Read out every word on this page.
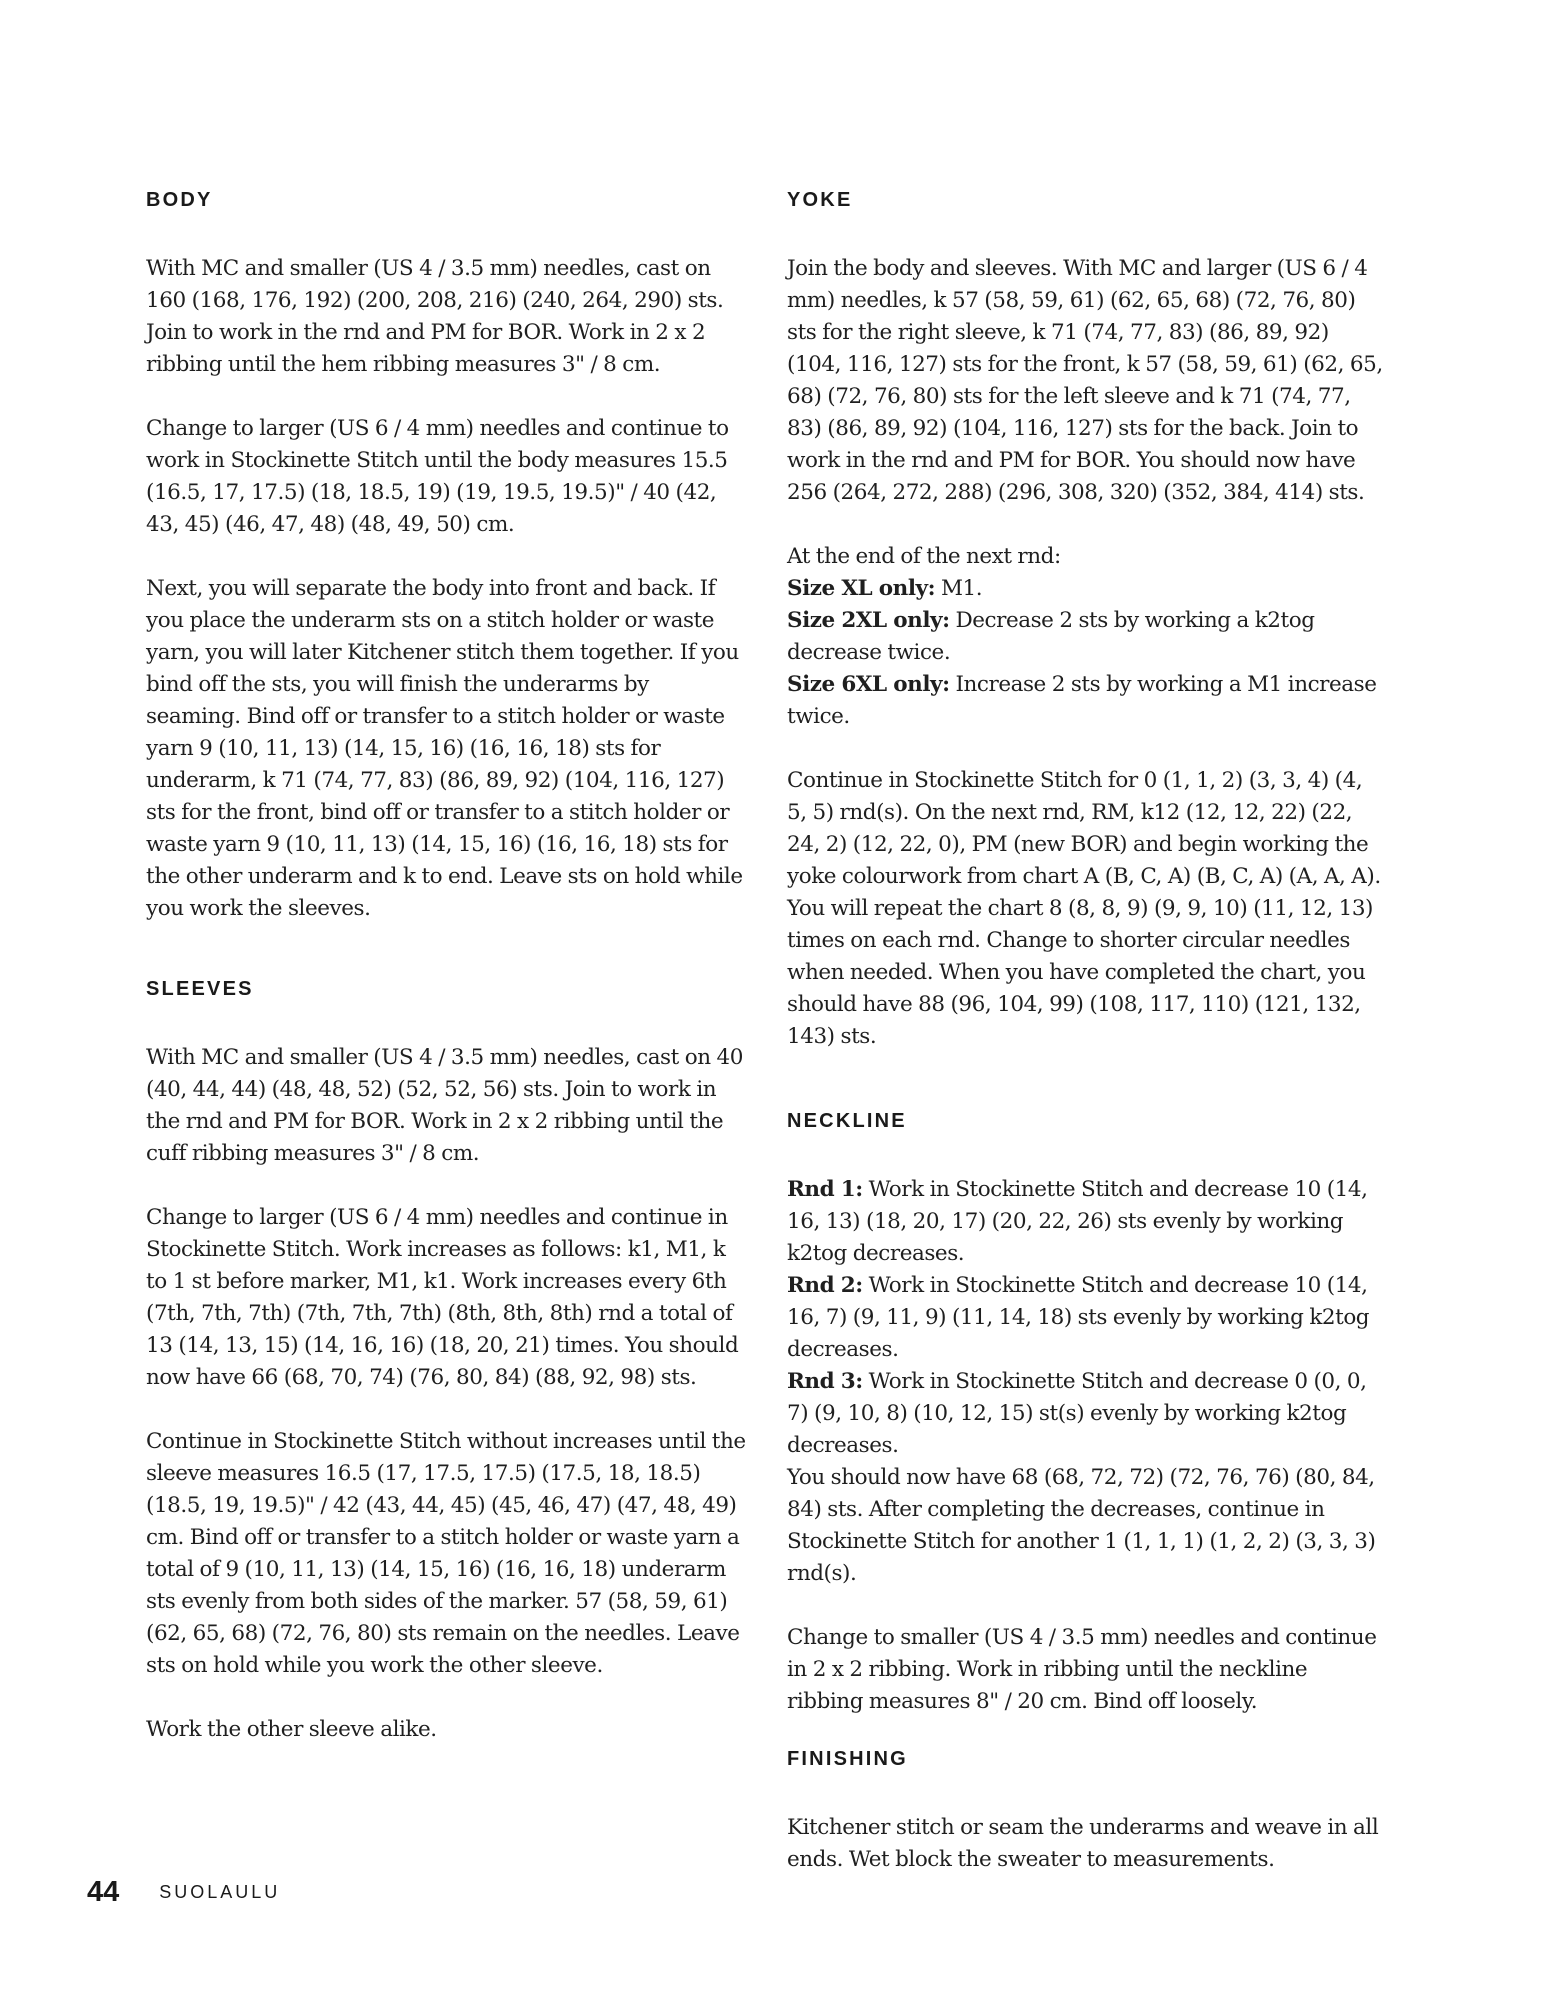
BODY

With MC and smaller (US 4 / 3.5 mm) needles, cast on 160 (168, 176, 192) (200, 208, 216) (240, 264, 290) sts. Join to work in the rnd and PM for BOR. Work in 2 x 2 ribbing until the hem ribbing measures 3" / 8 cm.

Change to larger (US 6 / 4 mm) needles and continue to work in Stockinette Stitch until the body measures 15.5 (16.5, 17, 17.5) (18, 18.5, 19) (19, 19.5, 19.5)" / 40 (42, 43, 45) (46, 47, 48) (48, 49, 50) cm.

Next, you will separate the body into front and back. If you place the underarm sts on a stitch holder or waste yarn, you will later Kitchener stitch them together. If you bind off the sts, you will finish the underarms by seaming. Bind off or transfer to a stitch holder or waste yarn 9 (10, 11, 13) (14, 15, 16) (16, 16, 18) sts for underarm, k 71 (74, 77, 83) (86, 89, 92) (104, 116, 127) sts for the front, bind off or transfer to a stitch holder or waste yarn 9 (10, 11, 13) (14, 15, 16) (16, 16, 18) sts for the other underarm and k to end. Leave sts on hold while you work the sleeves.

SLEEVES

With MC and smaller (US 4 / 3.5 mm) needles, cast on 40 (40, 44, 44) (48, 48, 52) (52, 52, 56) sts. Join to work in the rnd and PM for BOR. Work in 2 x 2 ribbing until the cuff ribbing measures 3" / 8 cm.

Change to larger (US 6 / 4 mm) needles and continue in Stockinette Stitch. Work increases as follows: k1, M1, k to 1 st before marker, M1, k1. Work increases every 6th (7th, 7th, 7th) (7th, 7th, 7th) (8th, 8th, 8th) rnd a total of 13 (14, 13, 15) (14, 16, 16) (18, 20, 21) times. You should now have 66 (68, 70, 74) (76, 80, 84) (88, 92, 98) sts.

Continue in Stockinette Stitch without increases until the sleeve measures 16.5 (17, 17.5, 17.5) (17.5, 18, 18.5) (18.5, 19, 19.5)" / 42 (43, 44, 45) (45, 46, 47) (47, 48, 49) cm. Bind off or transfer to a stitch holder or waste yarn a total of 9 (10, 11, 13) (14, 15, 16) (16, 16, 18) underarm sts evenly from both sides of the marker. 57 (58, 59, 61) (62, 65, 68) (72, 76, 80) sts remain on the needles. Leave sts on hold while you work the other sleeve.

Work the other sleeve alike.

YOKE

Join the body and sleeves. With MC and larger (US 6 / 4 mm) needles, k 57 (58, 59, 61) (62, 65, 68) (72, 76, 80) sts for the right sleeve, k 71 (74, 77, 83) (86, 89, 92) (104, 116, 127) sts for the front, k 57 (58, 59, 61) (62, 65, 68) (72, 76, 80) sts for the left sleeve and k 71 (74, 77, 83) (86, 89, 92) (104, 116, 127) sts for the back. Join to work in the rnd and PM for BOR. You should now have 256 (264, 272, 288) (296, 308, 320) (352, 384, 414) sts.

At the end of the next rnd:
Size XL only: M1.
Size 2XL only: Decrease 2 sts by working a k2tog decrease twice.
Size 6XL only: Increase 2 sts by working a M1 increase twice.

Continue in Stockinette Stitch for 0 (1, 1, 2) (3, 3, 4) (4, 5, 5) rnd(s). On the next rnd, RM, k12 (12, 12, 22) (22, 24, 2) (12, 22, 0), PM (new BOR) and begin working the yoke colourwork from chart A (B, C, A) (B, C, A) (A, A, A). You will repeat the chart 8 (8, 8, 9) (9, 9, 10) (11, 12, 13) times on each rnd. Change to shorter circular needles when needed. When you have completed the chart, you should have 88 (96, 104, 99) (108, 117, 110) (121, 132, 143) sts.

NECKLINE

Rnd 1: Work in Stockinette Stitch and decrease 10 (14, 16, 13) (18, 20, 17) (20, 22, 26) sts evenly by working k2tog decreases.
Rnd 2: Work in Stockinette Stitch and decrease 10 (14, 16, 7) (9, 11, 9) (11, 14, 18) sts evenly by working k2tog decreases.
Rnd 3: Work in Stockinette Stitch and decrease 0 (0, 0, 7) (9, 10, 8) (10, 12, 15) st(s) evenly by working k2tog decreases.
You should now have 68 (68, 72, 72) (72, 76, 76) (80, 84, 84) sts. After completing the decreases, continue in Stockinette Stitch for another 1 (1, 1, 1) (1, 2, 2) (3, 3, 3) rnd(s).

Change to smaller (US 4 / 3.5 mm) needles and continue in 2 x 2 ribbing. Work in ribbing until the neckline ribbing measures 8" / 20 cm. Bind off loosely.

FINISHING

Kitchener stitch or seam the underarms and weave in all ends. Wet block the sweater to measurements.

44 SUOLAULU
